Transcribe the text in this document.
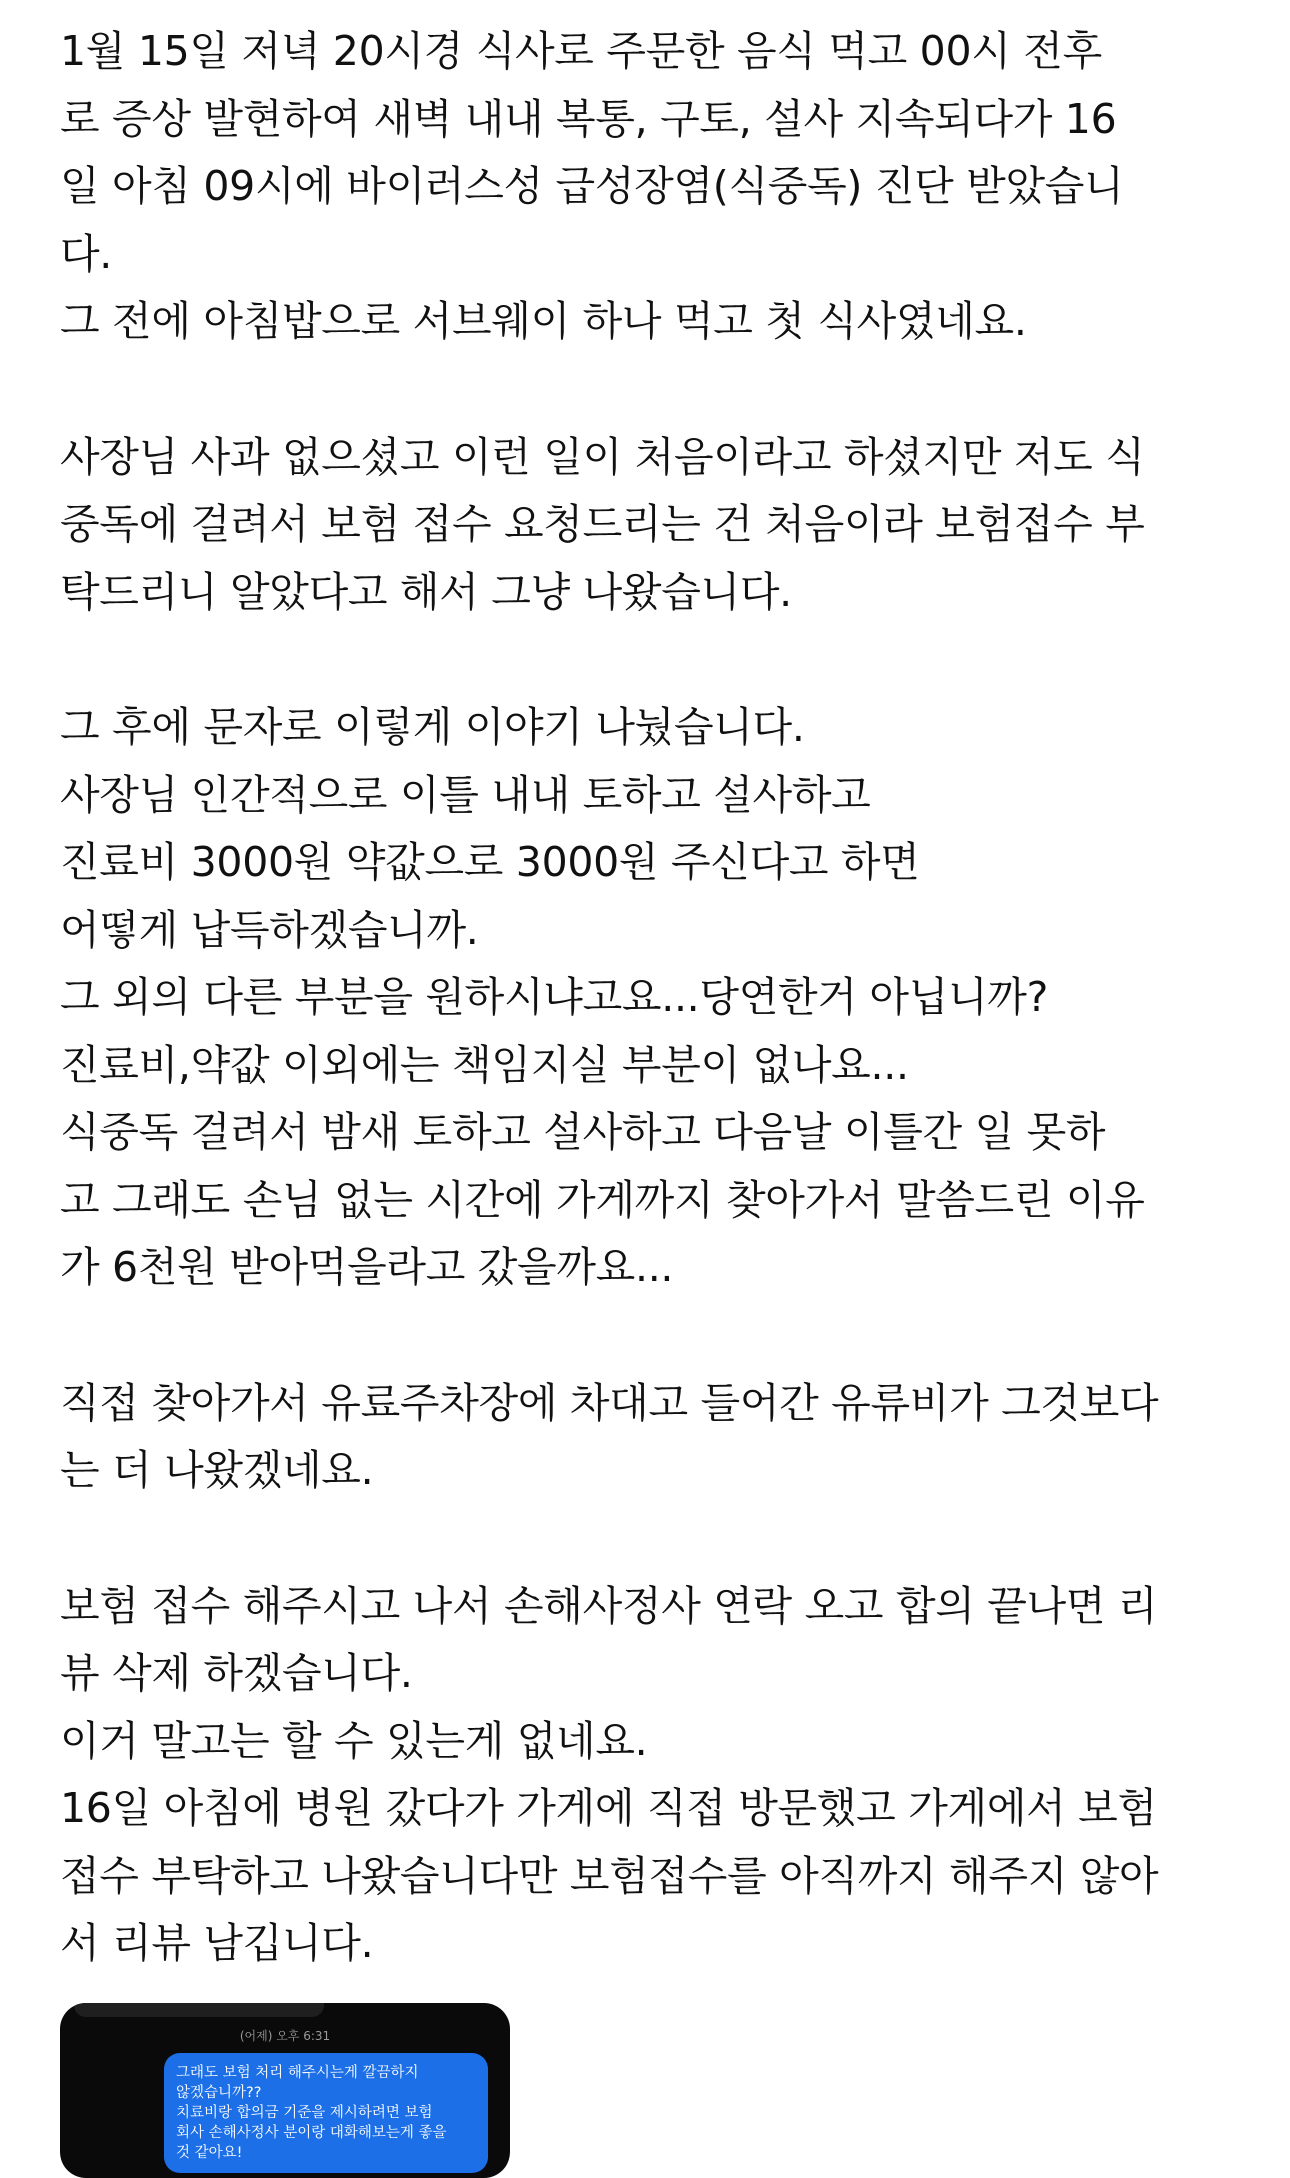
1월 15일 저녁 20시경 식사로 주문한 음식 먹고 00시 전후
로 증상 발현하여 새벽 내내 복통, 구토, 설사 지속되다가 16
일 아침 09시에 바이러스성 급성장염(식중독) 진단 받았습니
다.
그 전에 아침밥으로 서브웨이 하나 먹고 첫 식사였네요.
사장님 사과 없으셨고 이런 일이 처음이라고 하셨지만 저도 식
중독에 걸려서 보험 접수 요청드리는 건 처음이라 보험접수 부
탁드리니 알았다고 해서 그냥 나왔습니다.
그 후에 문자로 이렇게 이야기 나눴습니다.
사장님 인간적으로 이틀 내내 토하고 설사하고
진료비 3000원 약값으로 3000원 주신다고 하면
어떻게 납득하겠습니까.
그 외의 다른 부분을 원하시냐고요...당연한거 아닙니까?
진료비,약값 이외에는 책임지실 부분이 없나요...
식중독 걸려서 밤새 토하고 설사하고 다음날 이틀간 일 못하
고 그래도 손님 없는 시간에 가게까지 찾아가서 말씀드린 이유
가 6천원 받아먹을라고 갔을까요...
직접 찾아가서 유료주차장에 차대고 들어간 유류비가 그것보다
는 더 나왔겠네요.
보험 접수 해주시고 나서 손해사정사 연락 오고 합의 끝나면 리
뷰 삭제 하겠습니다.
이거 말고는 할 수 있는게 없네요.
16일 아침에 병원 갔다가 가게에 직접 방문했고 가게에서 보험
접수 부탁하고 나왔습니다만 보험접수를 아직까지 해주지 않아
서 리뷰 남깁니다.
(어제) 오후 6:31
그래도 보험 처리 해주시는게 깔끔하지
않겠습니까??
치료비랑 합의금 기준을 제시하려면 보험
회사 손해사정사 분이랑 대화해보는게 좋을
것 같아요!
